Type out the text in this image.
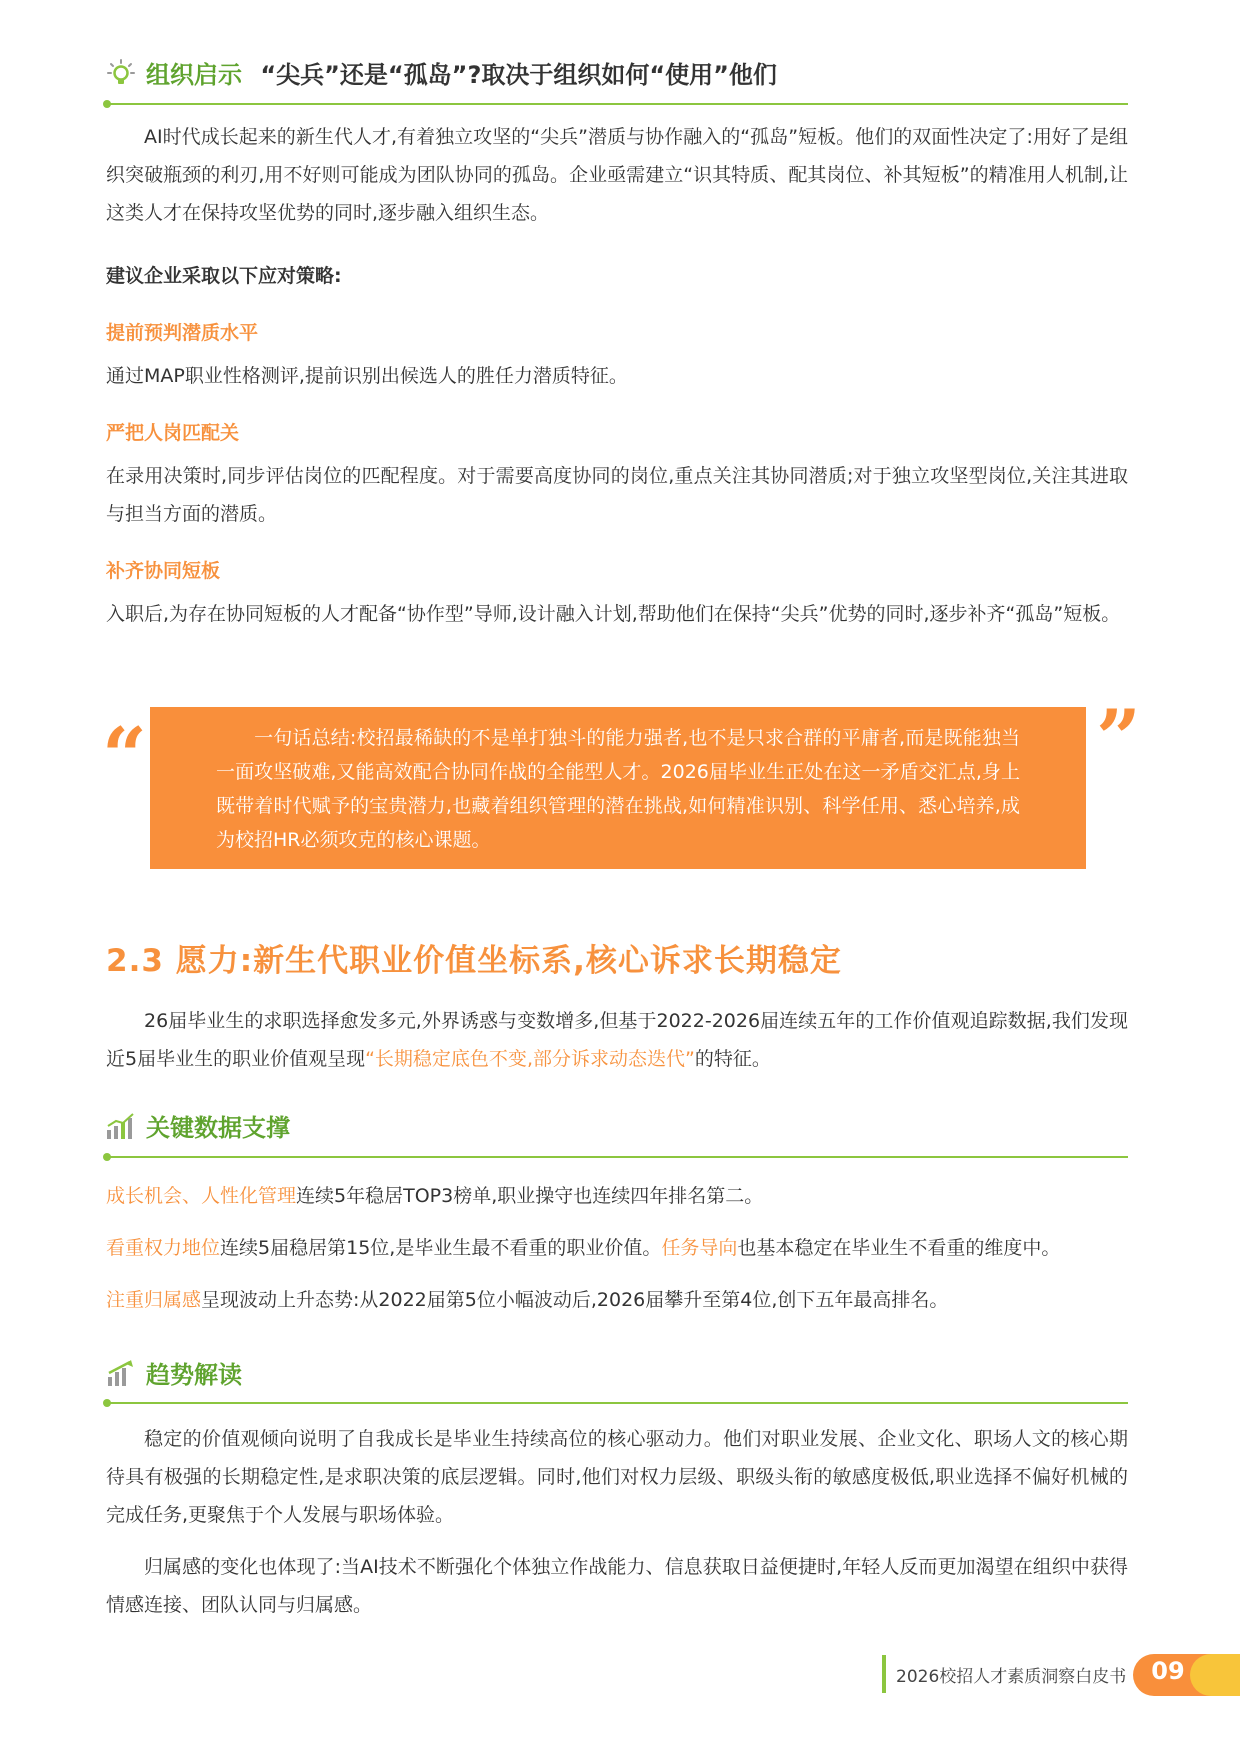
组织启示 “尖兵”还是“孤岛”?取决于组织如何“使用”他们

AI时代成长起来的新生代人才,有着独立攻坚的“尖兵”潜质与协作融入的“孤岛”短板。他们的双面性决定了:用好了是组织突破瓶颈的利刃,用不好则可能成为团队协同的孤岛。企业亟需建立“识其特质、配其岗位、补其短板”的精准用人机制,让这类人才在保持攻坚优势的同时,逐步融入组织生态。

建议企业采取以下应对策略:
提前预判潜质水平

通过MAP职业性格测评,提前识别出候选人的胜任力潜质特征。

严把人岗匹配关

在录用决策时,同步评估岗位的匹配程度。对于需要高度协同的岗位,重点关注其协同潜质;对于独立攻坚型岗位,关注其进取与担当方面的潜质。

补齐协同短板

入职后,为存在协同短板的人才配备“协作型”导师,设计融入计划,帮助他们在保持“尖兵”优势的同时,逐步补齐“孤岛”短板。

“	一句话总结:校招最稀缺的不是单打独斗的能力强者,也不是只求合群的平庸者,而是既能独当一面攻坚破难,又能高效配合协同作战的全能型人才。2026届毕业生正处在这一矛盾交汇点,身上既带着时代赋予的宝贵潜力,也藏着组织管理的潜在挑战,如何精准识别、科学任用、悉心培养,成为校招HR必须攻克的核心课题。
”
2.3 愿力:新生代职业价值坐标系,核心诉求长期稳定

26届毕业生的求职选择愈发多元,外界诱惑与变数增多,但基于2022-2026届连续五年的工作价值观追踪数据,我们发现近5届毕业生的职业价值观呈现“长期稳定底色不变,部分诉求动态迭代”的特征。

关键数据支撑
成长机会、人性化管理连续5年稳居TOP3榜单,职业操守也连续四年排名第二。
看重权力地位连续5届稳居第15位,是毕业生最不看重的职业价值。任务导向也基本稳定在毕业生不看重的维度中。
注重归属感呈现波动上升态势:从2022届第5位小幅波动后,2026届攀升至第4位,创下五年最高排名。
趋势解读

稳定的价值观倾向说明了自我成长是毕业生持续高位的核心驱动力。他们对职业发展、企业文化、职场人文的核心期待具有极强的长期稳定性,是求职决策的底层逻辑。同时,他们对权力层级、职级头衔的敏感度极低,职业选择不偏好机械的完成任务,更聚焦于个人发展与职场体验。

归属感的变化也体现了:当AI技术不断强化个体独立作战能力、信息获取日益便捷时,年轻人反而更加渴望在组织中获得情感连接、团队认同与归属感。

2026校招人才素质洞察白皮书	09
